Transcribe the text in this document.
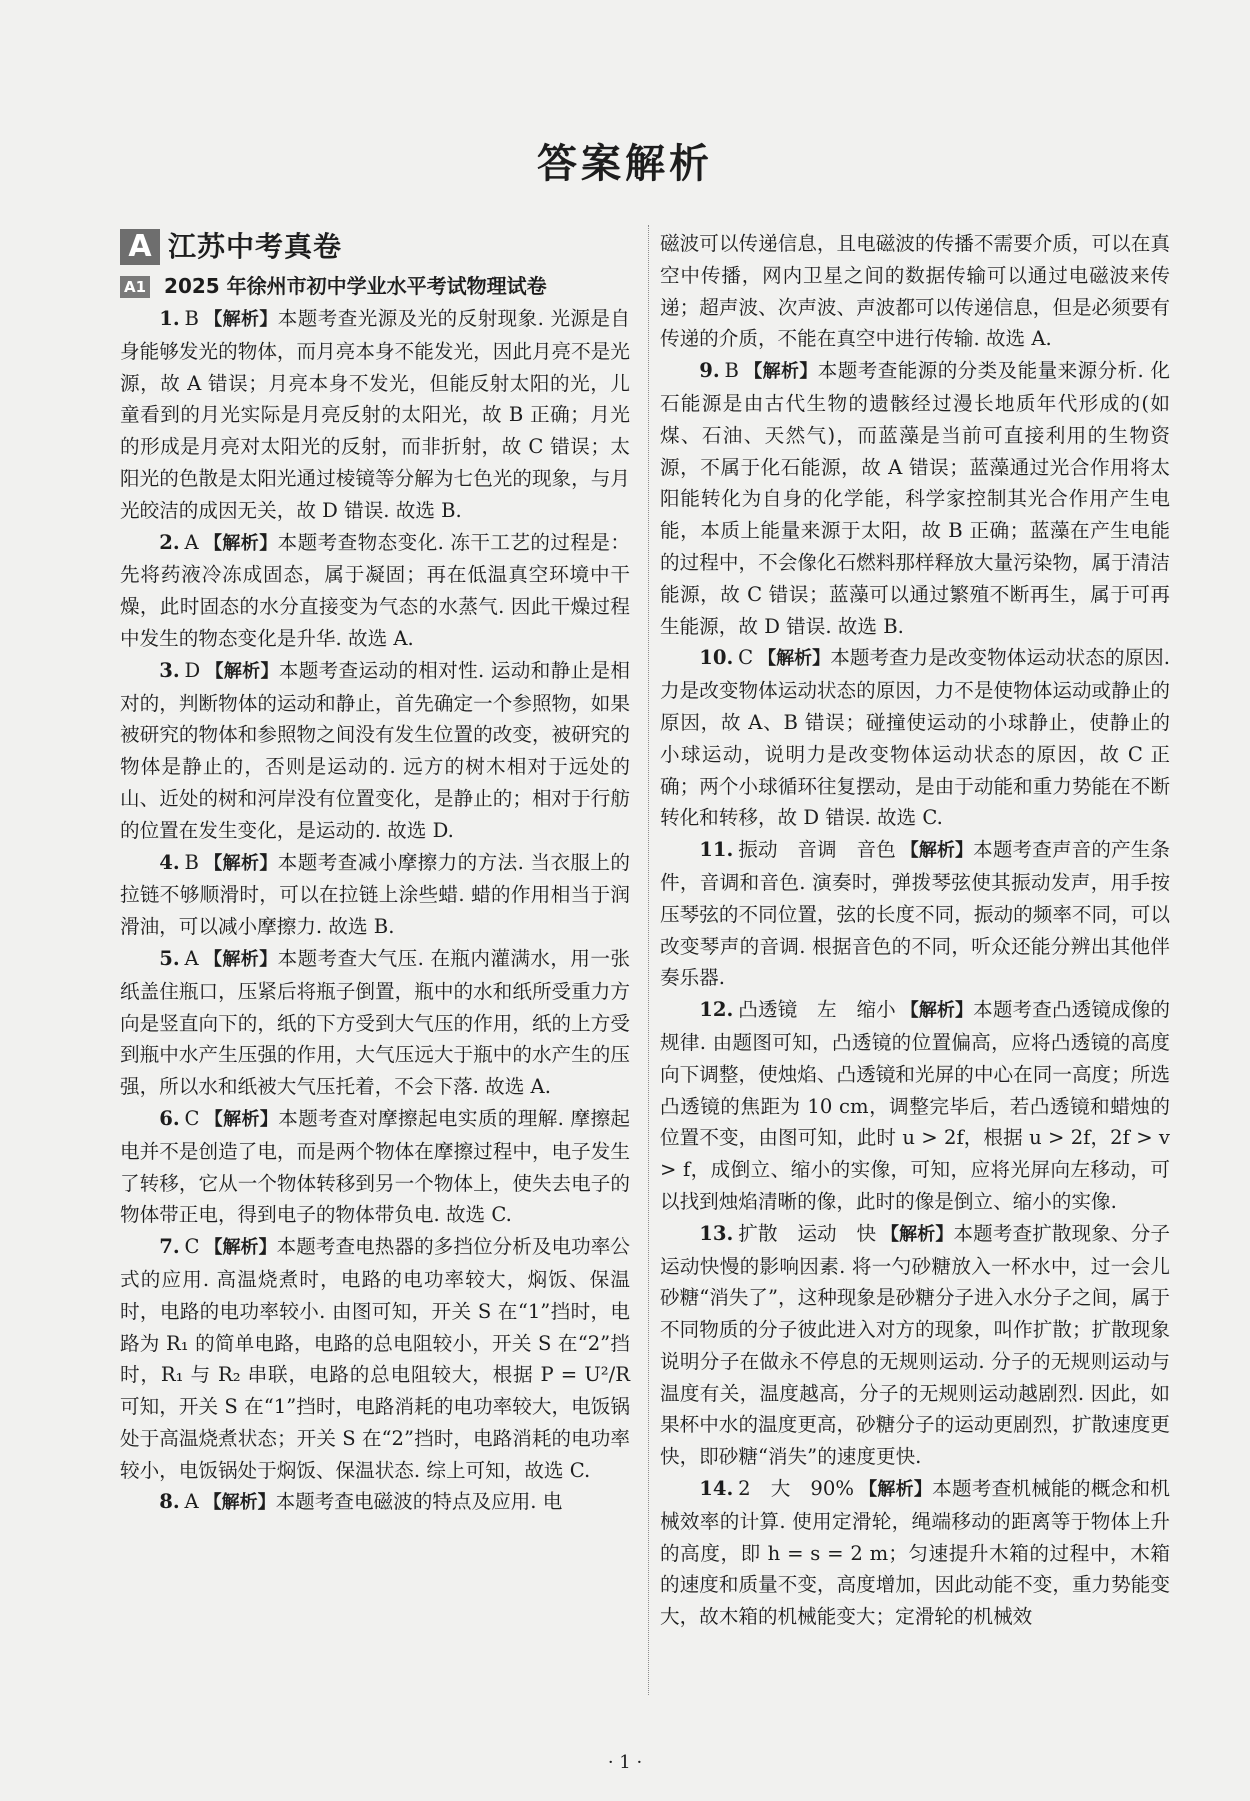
答案解析
A 江苏中考真卷
A1 2025 年徐州市初中学业水平考试物理试卷

1. B 【解析】本题考查光源及光的反射现象. 光源是自身能够发光的物体，而月亮本身不能发光，因此月亮不是光源，故 A 错误；月亮本身不发光，但能反射太阳的光，儿童看到的月光实际是月亮反射的太阳光，故 B 正确；月光的形成是月亮对太阳光的反射，而非折射，故 C 错误；太阳光的色散是太阳光通过棱镜等分解为七色光的现象，与月光皎洁的成因无关，故 D 错误. 故选 B.

2. A 【解析】本题考查物态变化. 冻干工艺的过程是：先将药液冷冻成固态，属于凝固；再在低温真空环境中干燥，此时固态的水分直接变为气态的水蒸气. 因此干燥过程中发生的物态变化是升华. 故选 A.

3. D 【解析】本题考查运动的相对性. 运动和静止是相对的，判断物体的运动和静止，首先确定一个参照物，如果被研究的物体和参照物之间没有发生位置的改变，被研究的物体是静止的，否则是运动的. 远方的树木相对于远处的山、近处的树和河岸没有位置变化，是静止的；相对于行舫的位置在发生变化，是运动的. 故选 D.

4. B 【解析】本题考查减小摩擦力的方法. 当衣服上的拉链不够顺滑时，可以在拉链上涂些蜡. 蜡的作用相当于润滑油，可以减小摩擦力. 故选 B.

5. A 【解析】本题考查大气压. 在瓶内灌满水，用一张纸盖住瓶口，压紧后将瓶子倒置，瓶中的水和纸所受重力方向是竖直向下的，纸的下方受到大气压的作用，纸的上方受到瓶中水产生压强的作用，大气压远大于瓶中的水产生的压强，所以水和纸被大气压托着，不会下落. 故选 A.

6. C 【解析】本题考查对摩擦起电实质的理解. 摩擦起电并不是创造了电，而是两个物体在摩擦过程中，电子发生了转移，它从一个物体转移到另一个物体上，使失去电子的物体带正电，得到电子的物体带负电. 故选 C.

7. C 【解析】本题考查电热器的多挡位分析及电功率公式的应用. 高温烧煮时，电路的电功率较大，焖饭、保温时，电路的电功率较小. 由图可知，开关 S 在“1”挡时，电路为 R₁ 的简单电路，电路的总电阻较小，开关 S 在“2”挡时，R₁ 与 R₂ 串联，电路的总电阻较大，根据 P = U²/R 可知，开关 S 在“1”挡时，电路消耗的电功率较大，电饭锅处于高温烧煮状态；开关 S 在“2”挡时，电路消耗的电功率较小，电饭锅处于焖饭、保温状态. 综上可知，故选 C.

8. A 【解析】本题考查电磁波的特点及应用. 电

磁波可以传递信息，且电磁波的传播不需要介质，可以在真空中传播，网内卫星之间的数据传输可以通过电磁波来传递；超声波、次声波、声波都可以传递信息，但是必须要有传递的介质，不能在真空中进行传输. 故选 A.

9. B 【解析】本题考查能源的分类及能量来源分析. 化石能源是由古代生物的遗骸经过漫长地质年代形成的(如煤、石油、天然气)，而蓝藻是当前可直接利用的生物资源，不属于化石能源，故 A 错误；蓝藻通过光合作用将太阳能转化为自身的化学能，科学家控制其光合作用产生电能，本质上能量来源于太阳，故 B 正确；蓝藻在产生电能的过程中，不会像化石燃料那样释放大量污染物，属于清洁能源，故 C 错误；蓝藻可以通过繁殖不断再生，属于可再生能源，故 D 错误. 故选 B.

10. C 【解析】本题考查力是改变物体运动状态的原因. 力是改变物体运动状态的原因，力不是使物体运动或静止的原因，故 A、B 错误；碰撞使运动的小球静止，使静止的小球运动，说明力是改变物体运动状态的原因，故 C 正确；两个小球循环往复摆动，是由于动能和重力势能在不断转化和转移，故 D 错误. 故选 C.

11. 振动　音调　音色 【解析】本题考查声音的产生条件，音调和音色. 演奏时，弹拨琴弦使其振动发声，用手按压琴弦的不同位置，弦的长度不同，振动的频率不同，可以改变琴声的音调. 根据音色的不同，听众还能分辨出其他伴奏乐器.

12. 凸透镜　左　缩小 【解析】本题考查凸透镜成像的规律. 由题图可知，凸透镜的位置偏高，应将凸透镜的高度向下调整，使烛焰、凸透镜和光屏的中心在同一高度；所选凸透镜的焦距为 10 cm，调整完毕后，若凸透镜和蜡烛的位置不变，由图可知，此时 u > 2f，根据 u > 2f，2f > v > f，成倒立、缩小的实像，可知，应将光屏向左移动，可以找到烛焰清晰的像，此时的像是倒立、缩小的实像.

13. 扩散　运动　快 【解析】本题考查扩散现象、分子运动快慢的影响因素. 将一勺砂糖放入一杯水中，过一会儿砂糖“消失了”，这种现象是砂糖分子进入水分子之间，属于不同物质的分子彼此进入对方的现象，叫作扩散；扩散现象说明分子在做永不停息的无规则运动. 分子的无规则运动与温度有关，温度越高，分子的无规则运动越剧烈. 因此，如果杯中水的温度更高，砂糖分子的运动更剧烈，扩散速度更快，即砂糖“消失”的速度更快.

14. 2　大　90% 【解析】本题考查机械能的概念和机械效率的计算. 使用定滑轮，绳端移动的距离等于物体上升的高度，即 h = s = 2 m；匀速提升木箱的过程中，木箱的速度和质量不变，高度增加，因此动能不变，重力势能变大，故木箱的机械能变大；定滑轮的机械效

· 1 ·
